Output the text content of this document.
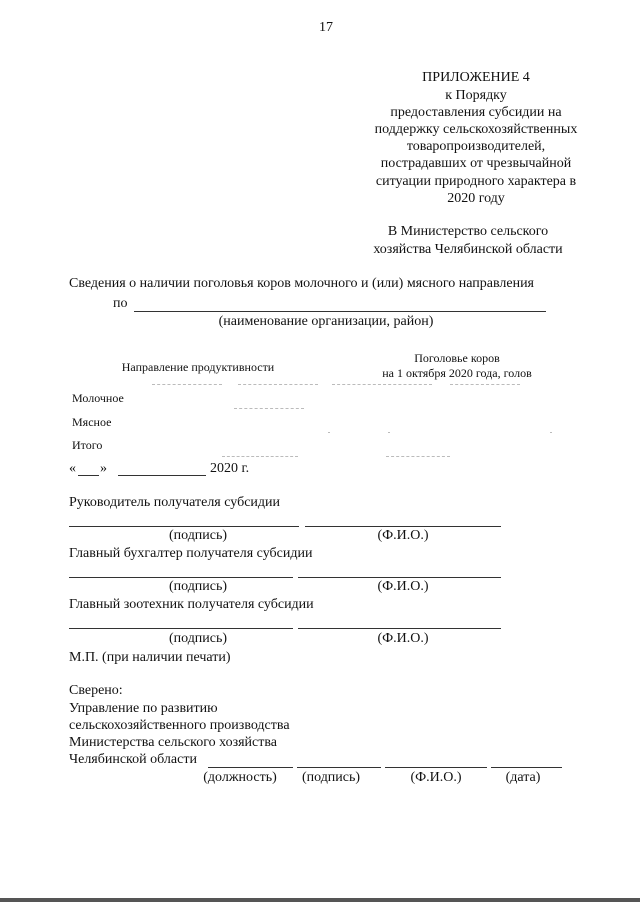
17
ПРИЛОЖЕНИЕ 4
к Порядку
предоставления субсидии на
поддержку сельскохозяйственных
товаропроизводителей,
пострадавших от чрезвычайной
ситуации природного характера в
2020 году
В Министерство сельского
хозяйства Челябинской области
Сведения о наличии поголовья коров молочного и (или) мясного направления
по
(наименование организации, район)
Направление продуктивности
Поголовье коров
на 1 октября 2020 года, голов
Молочное
Мясное
Итого
« »	2020 г.
Руководитель получателя субсидии
(подпись)	(Ф.И.О.)
Главный бухгалтер получателя субсидии
(подпись)	(Ф.И.О.)
Главный зоотехник получателя субсидии
(подпись)	(Ф.И.О.)
М.П. (при наличии печати)
Сверено:
Управление по развитию
сельскохозяйственного производства
Министерства сельского хозяйства
Челябинской области
(должность) (подпись)	(Ф.И.О.)	(дата)
